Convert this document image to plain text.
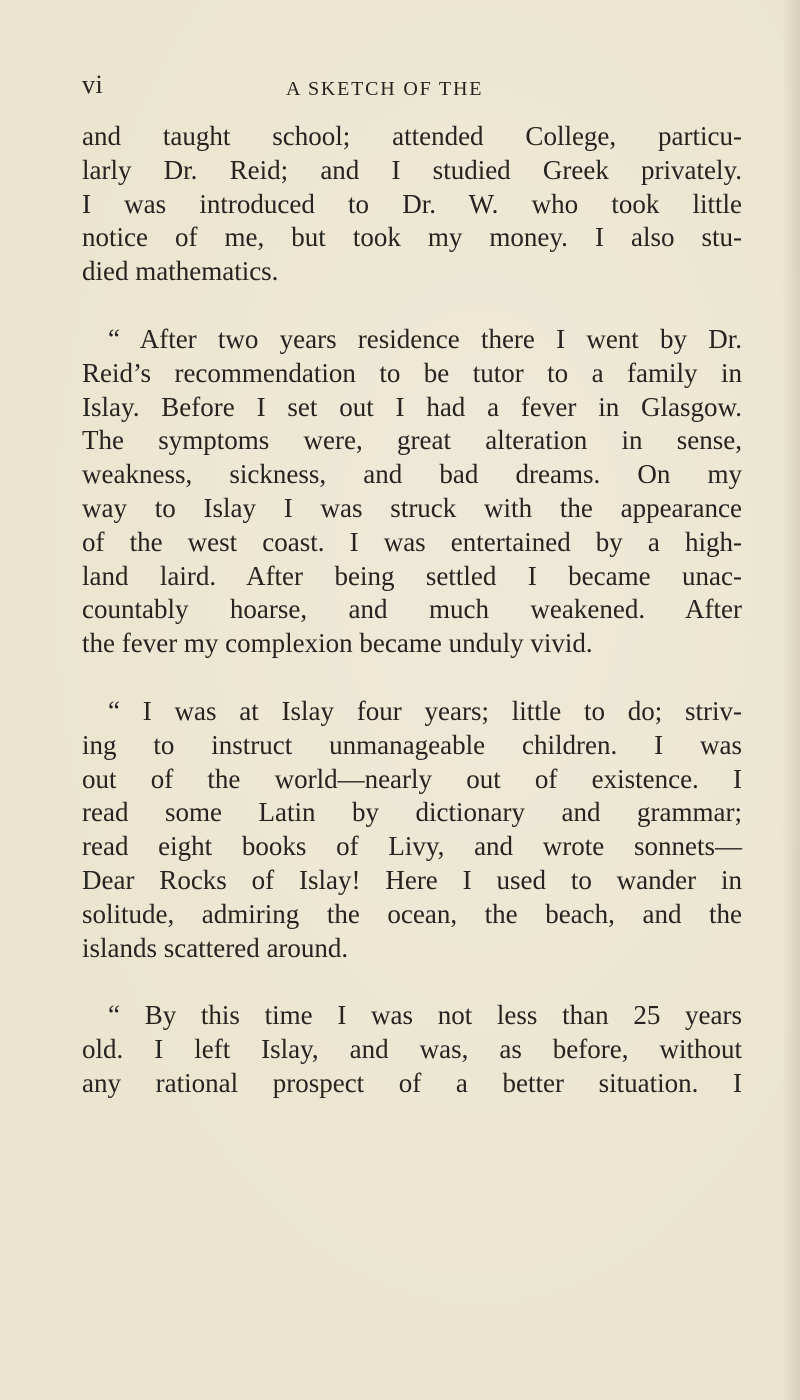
vi	A SKETCH OF THE
and taught school; attended College, particu-
larly Dr. Reid; and I studied Greek privately.
I was introduced to Dr. W. who took little
notice of me, but took my money. I also stu-
died mathematics.
“ After two years residence there I went by Dr.
Reid’s recommendation to be tutor to a family in
Islay. Before I set out I had a fever in Glasgow.
The symptoms were, great alteration in sense,
weakness, sickness, and bad dreams. On my
way to Islay I was struck with the appearance
of the west coast. I was entertained by a high-
land laird. After being settled I became unac-
countably hoarse, and much weakened. After
the fever my complexion became unduly vivid.
“ I was at Islay four years; little to do; striv-
ing to instruct unmanageable children. I was
out of the world—nearly out of existence. I
read some Latin by dictionary and grammar;
read eight books of Livy, and wrote sonnets—
Dear Rocks of Islay! Here I used to wander in
solitude, admiring the ocean, the beach, and the
islands scattered around.
“ By this time I was not less than 25 years
old. I left Islay, and was, as before, without
any rational prospect of a better situation. I
